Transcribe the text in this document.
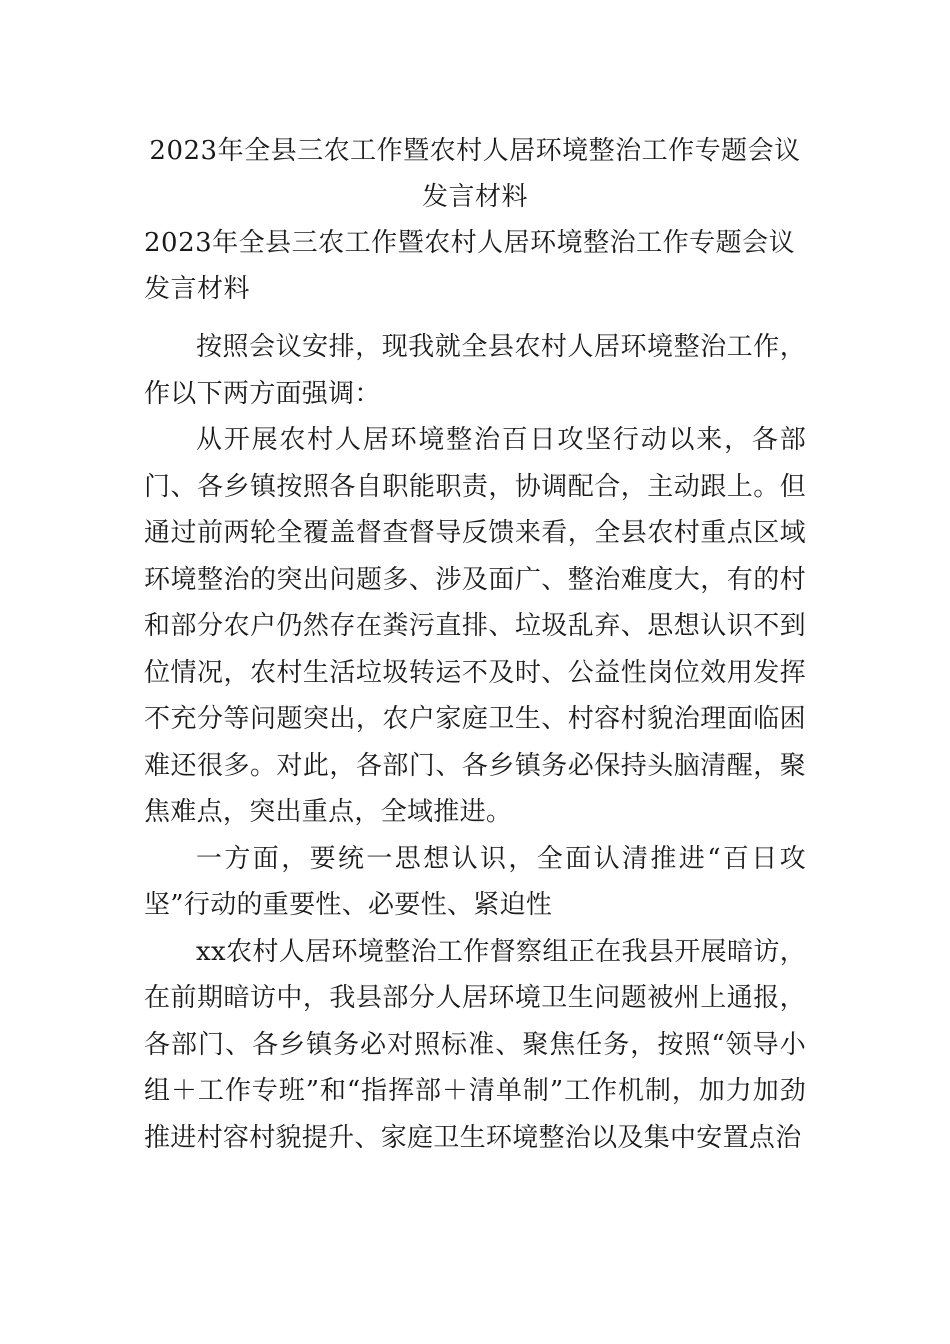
2023年全县三农工作暨农村人居环境整治工作专题会议发言材料
2023年全县三农工作暨农村人居环境整治工作专题会议发言材料

按照会议安排，现我就全县农村人居环境整治工作，作以下两方面强调：

从开展农村人居环境整治百日攻坚行动以来，各部门、各乡镇按照各自职能职责，协调配合，主动跟上。但通过前两轮全覆盖督查督导反馈来看，全县农村重点区域环境整治的突出问题多、涉及面广、整治难度大，有的村和部分农户仍然存在粪污直排、垃圾乱弃、思想认识不到位情况，农村生活垃圾转运不及时、公益性岗位效用发挥不充分等问题突出，农户家庭卫生、村容村貌治理面临困难还很多。对此，各部门、各乡镇务必保持头脑清醒，聚焦难点，突出重点，全域推进。

一方面，要统一思想认识，全面认清推进“百日攻坚”行动的重要性、必要性、紧迫性

xx农村人居环境整治工作督察组正在我县开展暗访，在前期暗访中，我县部分人居环境卫生问题被州上通报，各部门、各乡镇务必对照标准、聚焦任务，按照“领导小组＋工作专班”和“指挥部＋清单制”工作机制，加力加劲推进村容村貌提升、家庭卫生环境整治以及集中安置点治
